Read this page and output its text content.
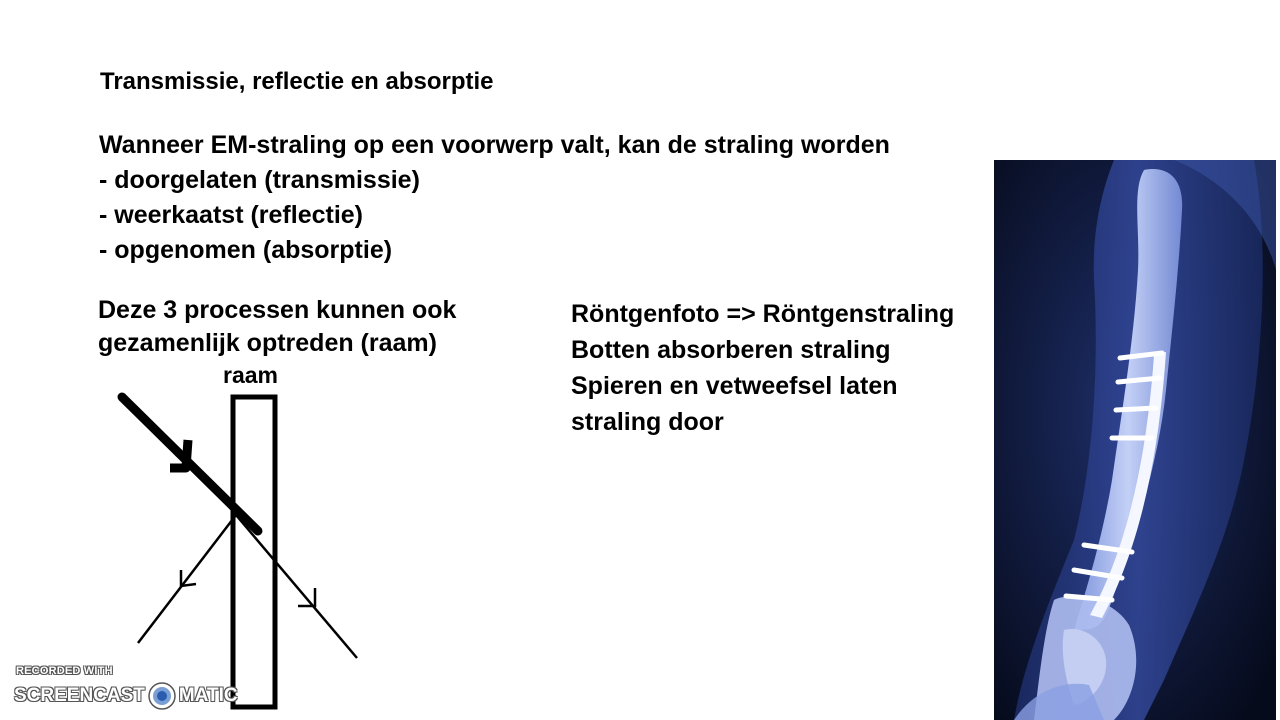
Transmissie, reflectie en absorptie
Wanneer EM-straling op een voorwerp valt, kan de straling worden
- doorgelaten (transmissie)
- weerkaatst (reflectie)
- opgenomen (absorptie)
Deze 3 processen kunnen ook
gezamenlijk optreden (raam)
raam
Röntgenfoto => Röntgenstraling
Botten absorberen straling
Spieren en vetweefsel laten
straling door
RECORDED WITH
SCREENCAST MATIC
